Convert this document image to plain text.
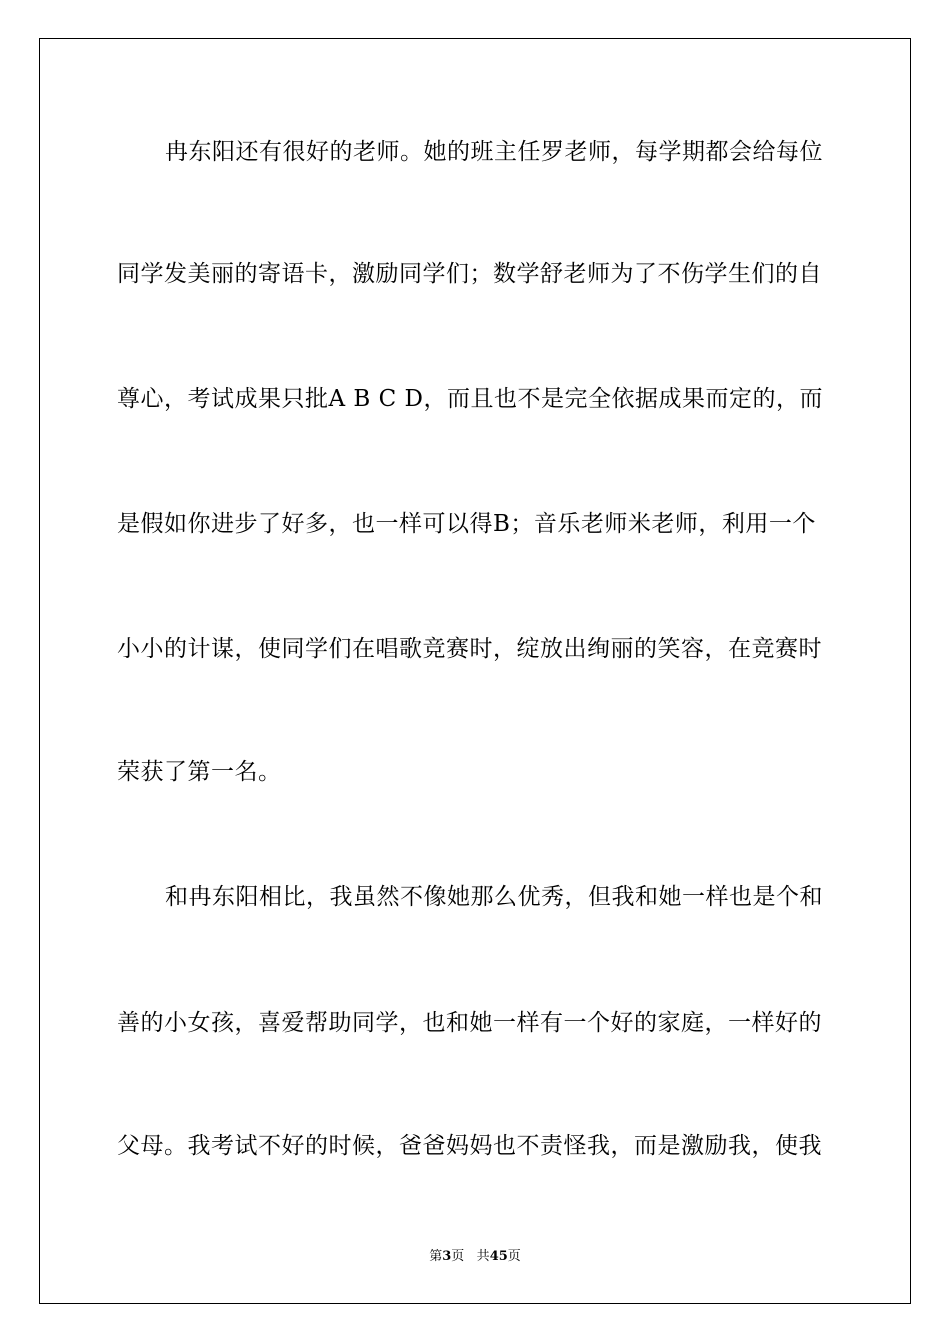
冉东阳还有很好的老师。她的班主任罗老师，每学期都会给每位
同学发美丽的寄语卡，激励同学们；数学舒老师为了不伤学生们的自
尊心，考试成果只批A B C D，而且也不是完全依据成果而定的，而
是假如你进步了好多，也一样可以得B；音乐老师米老师，利用一个
小小的计谋，使同学们在唱歌竞赛时，绽放出绚丽的笑容，在竞赛时
荣获了第一名。
和冉东阳相比，我虽然不像她那么优秀，但我和她一样也是个和
善的小女孩，喜爱帮助同学，也和她一样有一个好的家庭，一样好的
父母。我考试不好的时候，爸爸妈妈也不责怪我，而是激励我，使我
第3页 共45页
